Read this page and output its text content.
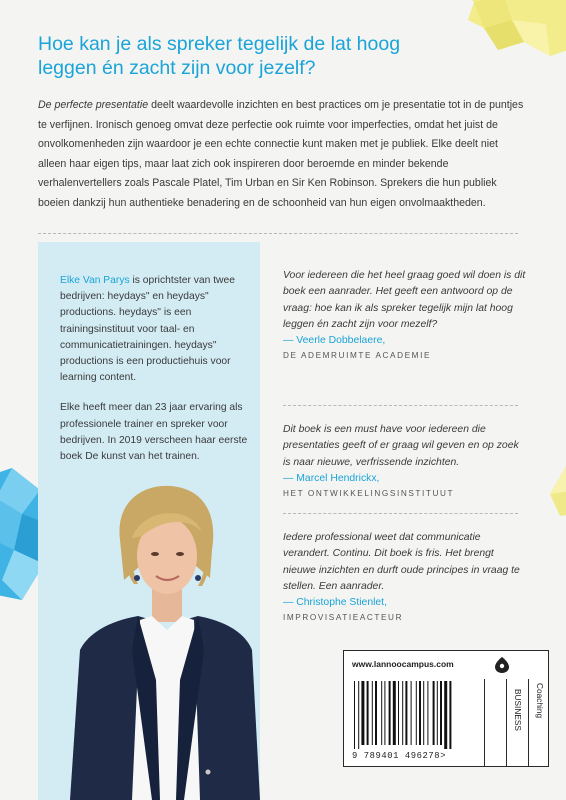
Hoe kan je als spreker tegelijk de lat hoog leggen én zacht zijn voor jezelf?

De perfecte presentatie deelt waardevolle inzichten en best practices om je presentatie tot in de puntjes te verfijnen. Ironisch genoeg omvat deze perfectie ook ruimte voor imperfecties, omdat het juist de onvolkomenheden zijn waardoor je een echte connectie kunt maken met je publiek. Elke deelt niet alleen haar eigen tips, maar laat zich ook inspireren door beroemde en minder bekende verhalenvertellers zoals Pascale Platel, Tim Urban en Sir Ken Robinson. Sprekers die hun publiek boeien dankzij hun authentieke benadering en de schoonheid van hun eigen onvolmaaktheden.

Elke Van Parys is oprichtster van twee bedrijven: heydays" en heydays" productions. heydays" is een trainingsinstituut voor taal- en communicatietrainingen. heydays" productions is een productiehuis voor learning content.

Elke heeft meer dan 23 jaar ervaring als professionele trainer en spreker voor bedrijven. In 2019 verscheen haar eerste boek De kunst van het trainen.

Voor iedereen die het heel graag goed wil doen is dit boek een aanrader. Het geeft een antwoord op de vraag: hoe kan ik als spreker tegelijk mijn lat hoog leggen én zacht zijn voor mezelf?

— Veerle Dobbelaere,

DE ADEMRUIMTE ACADEMIE

Dit boek is een must have voor iedereen die presentaties geeft of er graag wil geven en op zoek is naar nieuwe, verfrissende inzichten.

— Marcel Hendrickx,

HET ONTWIKKELINGSINSTITUUT

Iedere professional weet dat communicatie verandert. Continu. Dit boek is fris. Het brengt nieuwe inzichten en durft oude principes in vraag te stellen. Een aanrader.

— Christophe Stienlet,

IMPROVISATIEACTEUR

www.lannoocampus.com
9 789401 496278>
BUSINESS Coaching
